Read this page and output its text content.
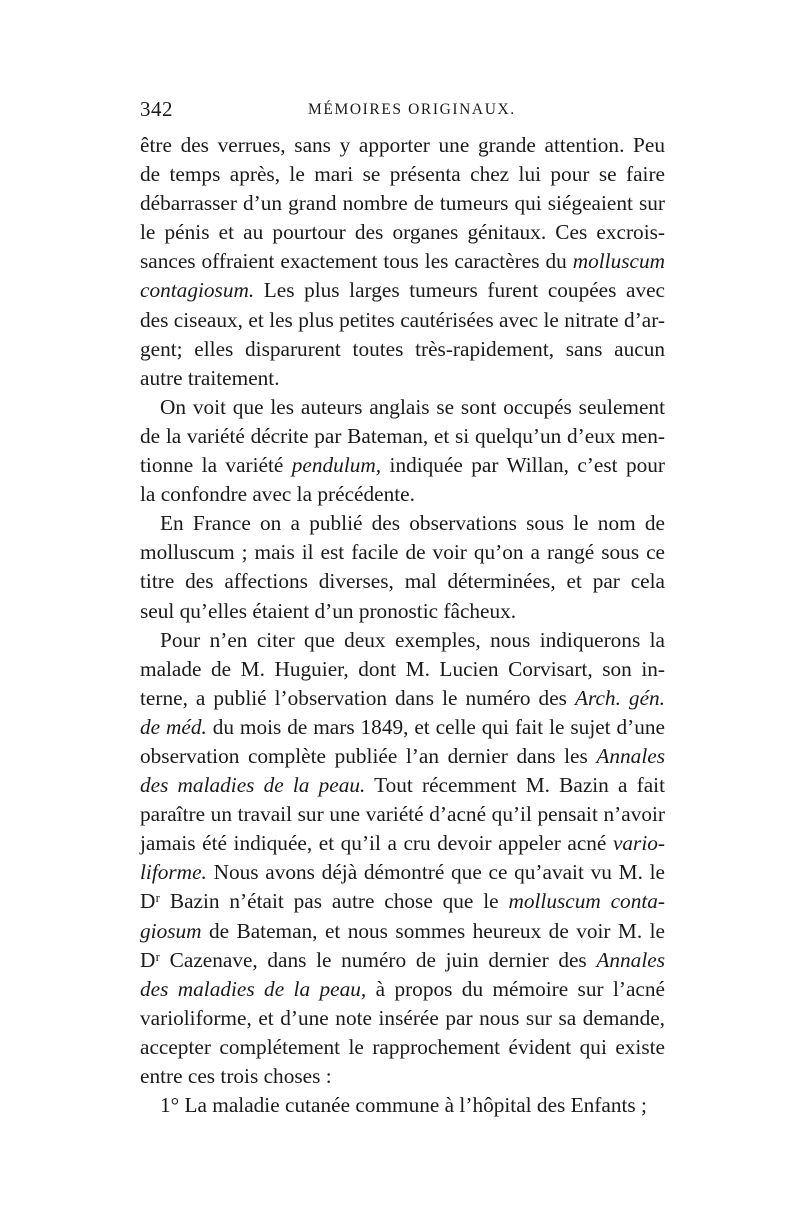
342	MÉMOIRES ORIGINAUX.
être des verrues, sans y apporter une grande attention. Peu
de temps après, le mari se présenta chez lui pour se faire
débarrasser d’un grand nombre de tumeurs qui siégeaient sur
le pénis et au pourtour des organes génitaux. Ces excrois-
sances offraient exactement tous les caractères du molluscum
contagiosum. Les plus larges tumeurs furent coupées avec
des ciseaux, et les plus petites cautérisées avec le nitrate d’ar-
gent; elles disparurent toutes très-rapidement, sans aucun
autre traitement.
On voit que les auteurs anglais se sont occupés seulement
de la variété décrite par Bateman, et si quelqu’un d’eux men-
tionne la variété pendulum, indiquée par Willan, c’est pour
la confondre avec la précédente.
En France on a publié des observations sous le nom de
molluscum ; mais il est facile de voir qu’on a rangé sous ce
titre des affections diverses, mal déterminées, et par cela
seul qu’elles étaient d’un pronostic fâcheux.
Pour n’en citer que deux exemples, nous indiquerons la
malade de M. Huguier, dont M. Lucien Corvisart, son in-
terne, a publié l’observation dans le numéro des Arch. gén.
de méd. du mois de mars 1849, et celle qui fait le sujet d’une
observation complète publiée l’an dernier dans les Annales
des maladies de la peau. Tout récemment M. Bazin a fait
paraître un travail sur une variété d’acné qu’il pensait n’avoir
jamais été indiquée, et qu’il a cru devoir appeler acné vario-
liforme. Nous avons déjà démontré que ce qu’avait vu M. le
Dʳ Bazin n’était pas autre chose que le molluscum conta-
giosum de Bateman, et nous sommes heureux de voir M. le
Dʳ Cazenave, dans le numéro de juin dernier des Annales
des maladies de la peau, à propos du mémoire sur l’acné
varioliforme, et d’une note insérée par nous sur sa demande,
accepter complétement le rapprochement évident qui existe
entre ces trois choses :
1° La maladie cutanée commune à l’hôpital des Enfants ;
